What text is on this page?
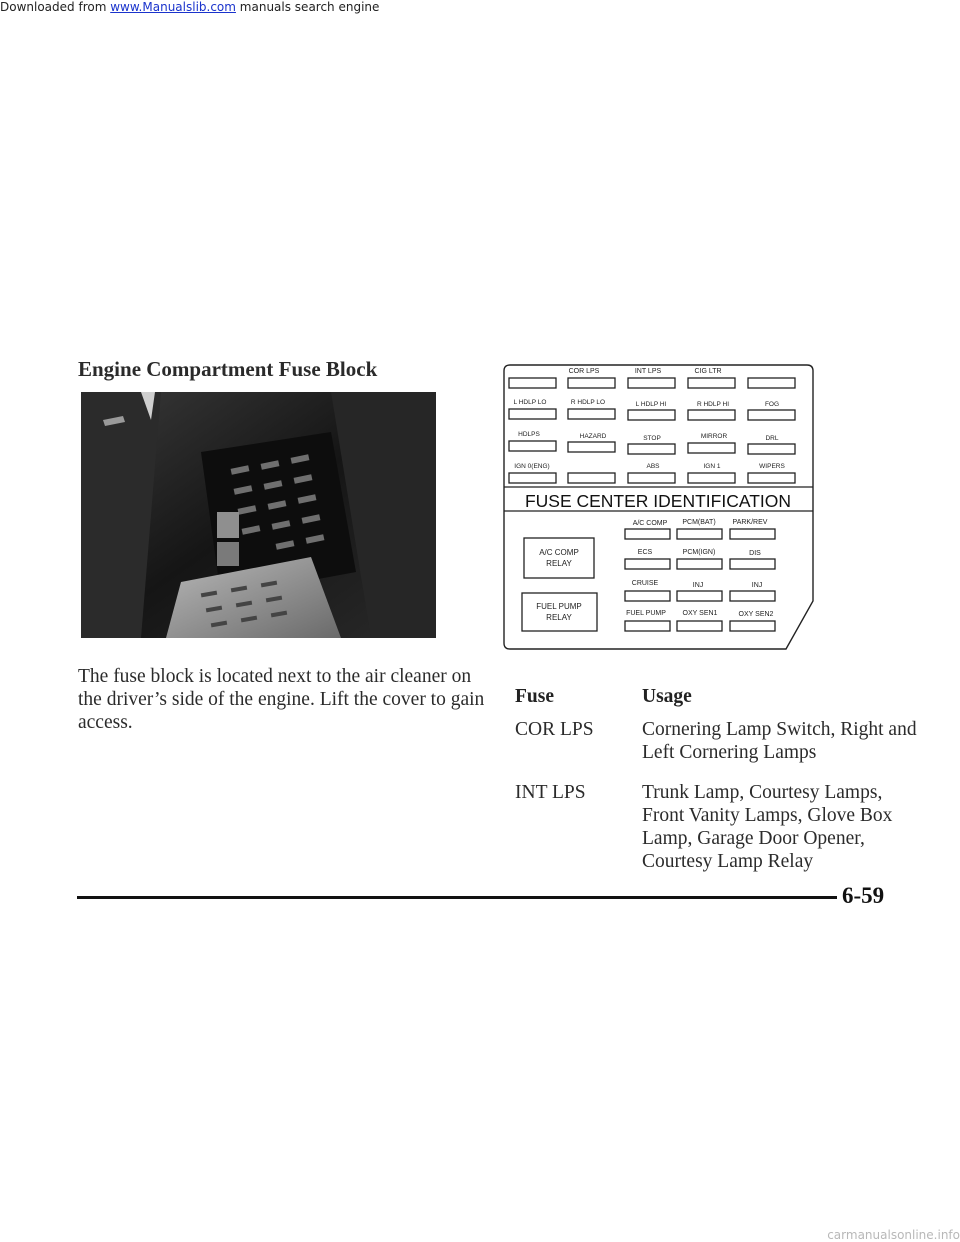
Downloaded from www.Manualslib.com manuals search engine
Engine Compartment Fuse Block
The fuse block is located next to the air cleaner on the driver’s side of the engine. Lift the cover to gain access.
COR LPS	INT LPS	CIG LTR
L HDLP LO	R HDLP LO	L HDLP HI	R HDLP HI	FOG
HDLPS	HAZARD	STOP	MIRROR	DRL
IGN 0(ENG)	ABS	IGN 1	WIPERS
FUSE CENTER IDENTIFICATION
A/C COMP
RELAY
FUEL PUMP
RELAY
A/C COMP PCM(BAT) PARK/REV
ECS	PCM(IGN)	DIS
CRUISE	INJ	INJ
FUEL PUMP OXY SEN1	OXY SEN2
Fuse	Usage
COR LPS Cornering Lamp Switch, Right and
Left Cornering Lamps
INT LPS	Trunk Lamp, Courtesy Lamps,
Front Vanity Lamps, Glove Box
Lamp, Garage Door Opener,
Courtesy Lamp Relay
6-59
carmanualsonline.info
